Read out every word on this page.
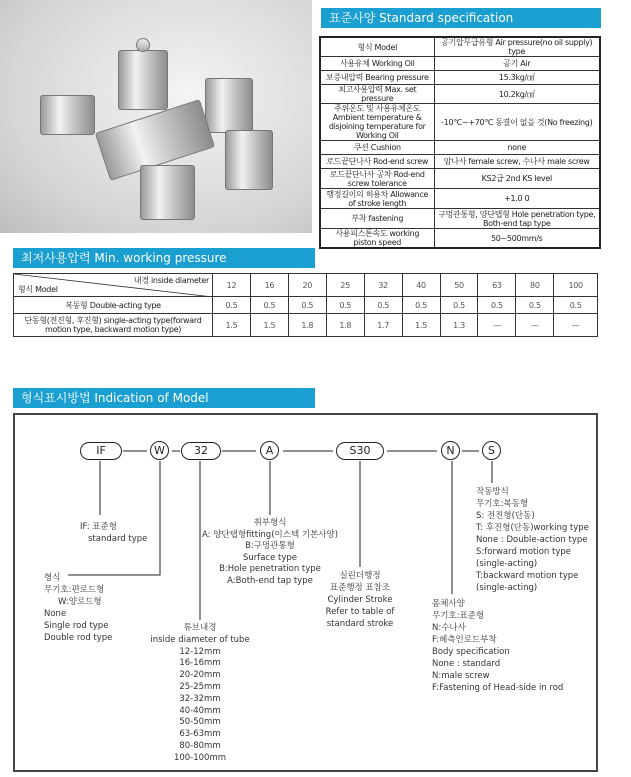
표준사양 Standard specification
형식 Model	공기압무급유형 Air pressure(no oil supply) type
사용유체 Working Oil	공기 Air
보증내압력 Bearing pressure	15.3kg/㎠
최고사용압력 Max. set pressure	10.2kg/㎠
주위온도 및 사용유체온도 Ambient temperature & disjoining temperature for Working Oil	-10℃~+70℃ 동결이 없을 것(No freezing)
쿠션 Cushion	none
로드끝단나사 Rod-end screw	암나사 female screw, 수나사 male screw
로드끝단나사 공차 Rod-end screw tolerance	KS2급 2nd KS level
행정길이의 허용차 Allowance of stroke length	+1.0 0
부착 fastening	구멍관통형, 양단탭형 Hole penetration type, Both-end tap type
사용피스톤속도 working piston speed	50~500mm/s
최저사용압력 Min. working pressure
내경 inside diameter
형식 Model	12	16	20	25	32	40	50	63	80	100
복동형 Double-acting type	0.5	0.5	0.5	0.5	0.5	0.5	0.5	0.5	0.5	0.5
단동형(전진형, 후진형) single-acting type(forward motion type, backward motion type)	1.5	1.5	1.8	1.8	1.7	1.5	1.3	—	—	—
형식표시방법 Indication of Model
IF	W	32	A	S30	N	S
IF: 표준형
standard type
형식
무기호:편로드형
W:양로드형
None
Single rod type
Double rod type
튜브내경
inside diameter of tube
12-12mm
16-16mm
20-20mm
25-25mm
32-32mm
40-40mm
50-50mm
63-63mm
80-80mm
100-100mm
취부형식
A: 양단탭형fitting(이스텍 기본사양)
B:구멍관통형
Surface type
B:Hole penetration type
A:Both-end tap type	실린더행정
표준행정 표참조
Cylinder Stroke
Refer to table of
standard stroke
몸체사양
무기호:표준형
N:수나사
F:헤측인로드부착
Body specification
None : standard
N:male screw
F:Fastening of Head-side in rod
작동방식
무기호:복동형
S: 전진형(단동)
T: 후진형(단동)working type
None : Double-action type
S:forward motion type
(single-acting)
T:backward motion type
(single-acting)
